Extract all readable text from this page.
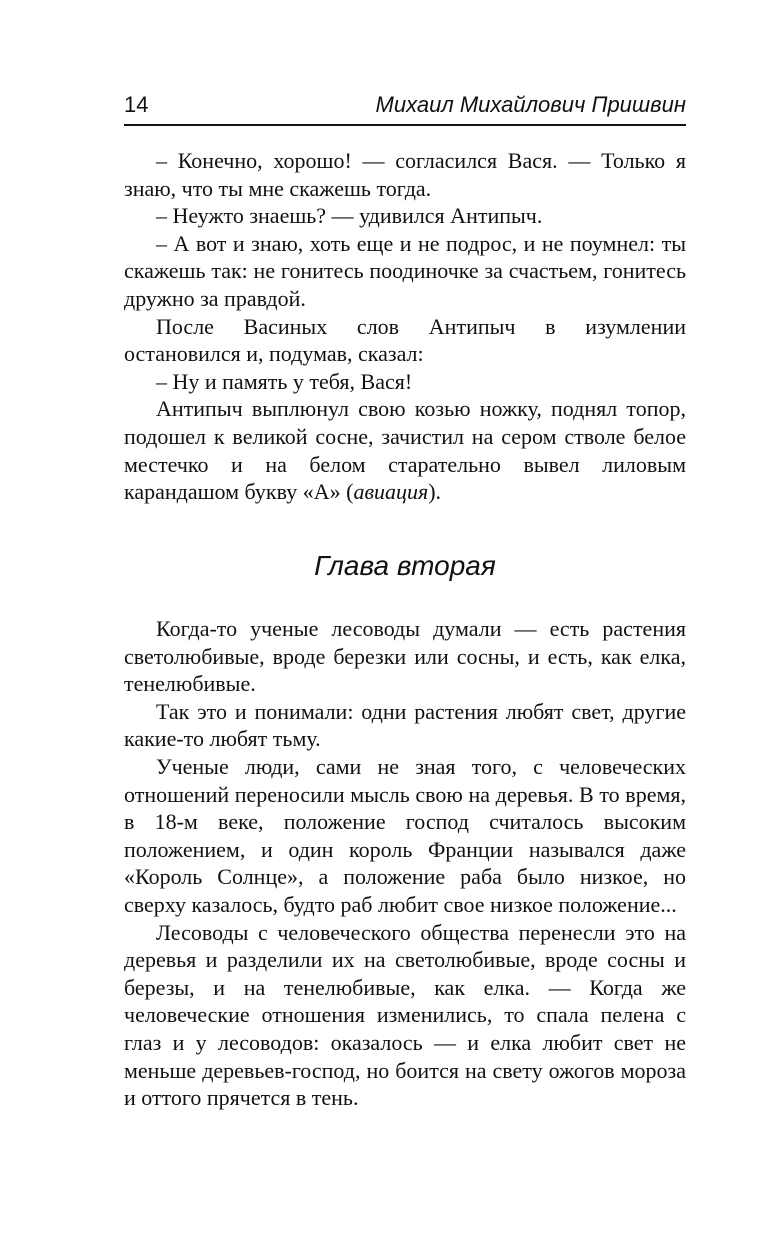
14	Михаил Михайлович Пришвин

– Конечно, хорошо! — согласился Вася. — Только я знаю, что ты мне скажешь тогда.

– Неужто знаешь? — удивился Антипыч.

– А вот и знаю, хоть еще и не подрос, и не поумнел: ты скажешь так: не гонитесь поодиночке за счастьем, гонитесь дружно за правдой.

После Васиных слов Антипыч в изумлении остановился и, подумав, сказал:

– Ну и память у тебя, Вася!

Антипыч выплюнул свою козью ножку, поднял топор, подошел к великой сосне, зачистил на сером стволе белое местечко и на белом старательно вывел лиловым карандашом букву «А» (авиация).

Глава вторая

Когда-то ученые лесоводы думали — есть растения светолюбивые, вроде березки или сосны, и есть, как елка, тенелюбивые.

Так это и понимали: одни растения любят свет, другие какие-то любят тьму.

Ученые люди, сами не зная того, с человеческих отношений переносили мысль свою на деревья. В то время, в 18-м веке, положение господ считалось высоким положением, и один король Франции назывался даже «Король Солнце», а положение раба было низкое, но сверху казалось, будто раб любит свое низкое положение...

Лесоводы с человеческого общества перенесли это на деревья и разделили их на светолюбивые, вроде сосны и березы, и на тенелюбивые, как елка. — Когда же человеческие отношения изменились, то спала пелена с глаз и у лесоводов: оказалось — и елка любит свет не меньше деревьев-господ, но боится на свету ожогов мороза и оттого прячется в тень.
